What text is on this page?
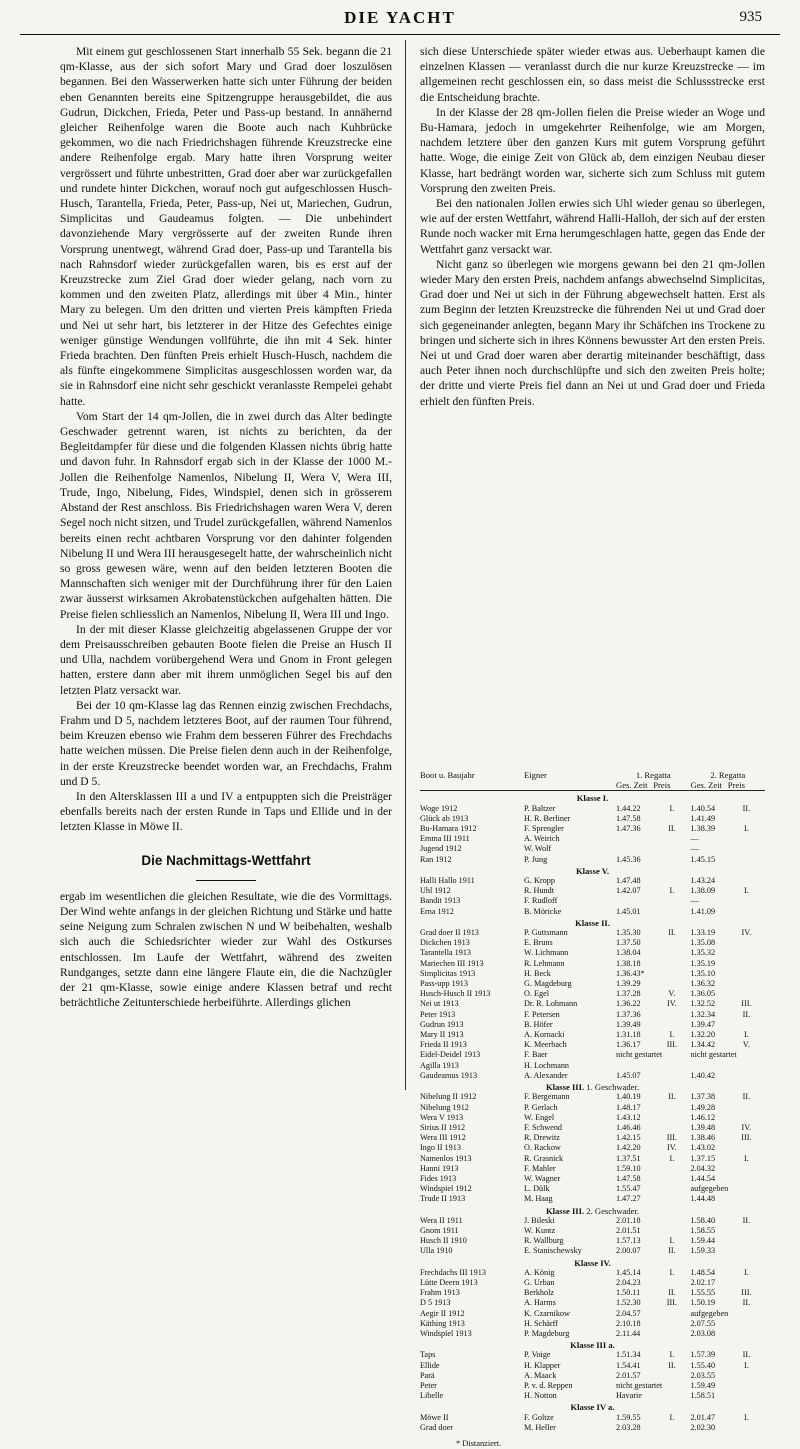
DIE YACHT	935

Mit einem gut geschlossenen Start innerhalb 55 Sek. begann die 21 qm-Klasse, aus der sich sofort Mary und Grad doer loszulösen begannen. Bei den Wasserwerken hatte sich unter Führung der beiden eben Genannten bereits eine Spitzengruppe herausgebildet, die aus Gudrun, Dickchen, Frieda, Peter und Pass-up bestand. In annähernd gleicher Reihenfolge waren die Boote auch nach Kuhbrücke gekommen, wo die nach Friedrichshagen führende Kreuzstrecke eine andere Reihenfolge ergab. Mary hatte ihren Vorsprung weiter vergrössert und führte unbestritten, Grad doer aber war zurückgefallen und rundete hinter Dickchen, worauf noch gut aufgeschlossen Husch-Husch, Tarantella, Frieda, Peter, Pass-up, Nei ut, Mariechen, Gudrun, Simplicitas und Gaudeamus folgten. — Die unbehindert davonziehende Mary vergrösserte auf der zweiten Runde ihren Vorsprung unentwegt, während Grad doer, Pass-up und Tarantella bis nach Rahnsdorf wieder zurückgefallen waren, bis es erst auf der Kreuzstrecke zum Ziel Grad doer wieder gelang, nach vorn zu kommen und den zweiten Platz, allerdings mit über 4 Min., hinter Mary zu belegen. Um den dritten und vierten Preis kämpften Frieda und Nei ut sehr hart, bis letzterer in der Hitze des Gefechtes einige weniger günstige Wendungen vollführte, die ihn mit 4 Sek. hinter Frieda brachten. Den fünften Preis erhielt Husch-Husch, nachdem die als fünfte eingekommene Simplicitas ausgeschlossen worden war, da sie in Rahnsdorf eine nicht sehr geschickt veranlasste Rempelei gehabt hatte.

Vom Start der 14 qm-Jollen, die in zwei durch das Alter bedingte Geschwader getrennt waren, ist nichts zu berichten, da der Begleitdampfer für diese und die folgenden Klassen nichts übrig hatte und davon fuhr. In Rahnsdorf ergab sich in der Klasse der 1000 M.-Jollen die Reihenfolge Namenlos, Nibelung II, Wera V, Wera III, Trude, Ingo, Nibelung, Fides, Windspiel, denen sich in grösserem Abstand der Rest anschloss. Bis Friedrichshagen waren Wera V, deren Segel noch nicht sitzen, und Trudel zurückgefallen, während Namenlos bereits einen recht achtbaren Vorsprung vor den dahinter folgenden Nibelung II und Wera III herausgesegelt hatte, der wahrscheinlich nicht so gross gewesen wäre, wenn auf den beiden letzteren Booten die Mannschaften sich weniger mit der Durchführung ihrer für den Laien zwar äusserst wirksamen Akrobatenstückchen aufgehalten hätten. Die Preise fielen schliesslich an Namenlos, Nibelung II, Wera III und Ingo.

In der mit dieser Klasse gleichzeitig abgelassenen Gruppe der vor dem Preisausschreiben gebauten Boote fielen die Preise an Husch II und Ulla, nachdem vorübergehend Wera und Gnom in Front gelegen hatten, erstere dann aber mit ihrem unmöglichen Segel bis auf den letzten Platz versackt war.

Bei der 10 qm-Klasse lag das Rennen einzig zwischen Frechdachs, Frahm und D 5, nachdem letzteres Boot, auf der raumen Tour führend, beim Kreuzen ebenso wie Frahm dem besseren Führer des Frechdachs hatte weichen müssen. Die Preise fielen denn auch in der Reihenfolge, in der erste Kreuzstrecke beendet worden war, an Frechdachs, Frahm und D 5.

In den Altersklassen III a und IV a entpuppten sich die Preisträger ebenfalls bereits nach der ersten Runde in Taps und Ellide und in der letzten Klasse in Möwe II.

Die Nachmittags-Wettfahrt

ergab im wesentlichen die gleichen Resultate, wie die des Vormittags. Der Wind wehte anfangs in der gleichen Richtung und Stärke und hatte seine Neigung zum Schralen zwischen N und W beibehalten, weshalb sich auch die Schiedsrichter wieder zur Wahl des Ostkurses entschlossen. Im Laufe der Wettfahrt, während des zweiten Rundganges, setzte dann eine längere Flaute ein, die die Nachzügler der 21 qm-Klasse, sowie einige andere Klassen betraf und recht beträchtliche Zeitunterschiede herbeiführte. Allerdings glichen

sich diese Unterschiede später wieder etwas aus. Ueberhaupt kamen die einzelnen Klassen — veranlasst durch die nur kurze Kreuzstrecke — im allgemeinen recht geschlossen ein, so dass meist die Schlussstrecke erst die Entscheidung brachte.

In der Klasse der 28 qm-Jollen fielen die Preise wieder an Woge und Bu-Hamara, jedoch in umgekehrter Reihenfolge, wie am Morgen, nachdem letztere über den ganzen Kurs mit gutem Vorsprung geführt hatte. Woge, die einige Zeit von Glück ab, dem einzigen Neubau dieser Klasse, hart bedrängt worden war, sicherte sich zum Schluss mit gutem Vorsprung den zweiten Preis.

Bei den nationalen Jollen erwies sich Uhl wieder genau so überlegen, wie auf der ersten Wettfahrt, während Halli-Halloh, der sich auf der ersten Runde noch wacker mit Erna herumgeschlagen hatte, gegen das Ende der Wettfahrt ganz versackt war.

Nicht ganz so überlegen wie morgens gewann bei den 21 qm-Jollen wieder Mary den ersten Preis, nachdem anfangs abwechselnd Simplicitas, Grad doer und Nei ut sich in der Führung abgewechselt hatten. Erst als zum Beginn der letzten Kreuzstrecke die führenden Nei ut und Grad doer sich gegeneinander anlegten, begann Mary ihr Schäfchen ins Trockene zu bringen und sicherte sich in ihres Könnens bewusster Art den ersten Preis. Nei ut und Grad doer waren aber derartig miteinander beschäftigt, dass auch Peter ihnen noch durchschlüpfte und sich den zweiten Preis holte; der dritte und vierte Preis fiel dann an Nei ut und Grad doer und Frieda erhielt den fünften Preis.

Boot u. Baujahr	Eigner	1. Regatta		2. Regatta	
		Ges. Zeit	Preis	Ges. Zeit	Preis

Klasse I.					
Woge 1912	P. Baltzer	1.44.22	I.	1.40.54	II.
Glück ab 1913	H. R. Berliner	1.47.58		1.41.49	
Bu-Hamara 1912	F. Sprengler	1.47.36	II.	1.38.39	I.
Emma III 1911	A. Weirich			—	
Jugend 1912	W. Wolf			—	
Ran 1912	P. Jung	1.45.36		1.45.15	
Klasse V.					
Halli Hallo 1911	G. Kropp	1.47.48		1.43.24	
Uhl 1912	R. Hundt	1.42.07	I.	1.38.09	I.
Bandit 1913	F. Rudloff			—	
Erna 1912	B. Möricke	1.45.01		1.41.09	
Klasse II.					
Grad doer II 1913	P. Guttsmann	1.35.30	II.	1.33.19	IV.
Dickchen 1913	E. Bruns	1.37.50		1.35.08	
Tarantella 1913	W. Lichmann	1.38.04		1.35.32	
Mariechen III 1913	R. Lehmann	1.38.18		1.35.19	
Simplicitas 1913	H. Beck	1.36.43*		1.35.10	
Pass-upp 1913	G. Magdeburg	1.39.29		1.36.32	
Husch-Husch II 1913	O. Egel	1.37.28	V.	1.36.05	
Nei ut 1913	Dr. R. Lohmann	1.36.22	IV.	1.32.52	III.
Peter 1913	F. Petersen	1.37.36		1.32.34	II.
Gudrun 1913	B. Höfer	1.39.49		1.39.47	
Mary II 1913	A. Kornacki	1.31.18	I.	1.32.20	I.
Frieda II 1913	K. Meerbach	1.36.17	III.	1.34.42	V.
Eidel-Deidel 1913	F. Baer	nicht gestartet		nicht gestartet	
Agilla 1913	H. Lochmann				
Gaudeamus 1913	A. Alexander	1.45.07		1.40.42	
Klasse III. 1. Geschwader.					
Nibelung II 1912	F. Bergemann	1.40.19	II.	1.37.38	II.
Nibelung 1912	P. Gerlach	1.48.17		1.49.28	
Wera V 1913	W. Engel	1.43.12		1.46.12	
Sirius II 1912	F. Schwend	1.46.46		1.39.48	IV.
Wera III 1912	R. Drewitz	1.42.15	III.	1.38.46	III.
Ingo II 1913	O. Rackow	1.42.20	IV.	1.43.02	
Namenlos 1913	R. Grasnick	1.37.51	I.	1.37.15	I.
Hanni 1913	F. Mahler	1.59.10		2.04.32	
Fides 1913	W. Wagner	1.47.58		1.44.54	
Windspiel 1912	L. Dülk	1.55.47		aufgegeben	
Trude II 1913	M. Haag	1.47.27		1.44.48	
Klasse III. 2. Geschwader.					
Wera II 1911	J. Bileski	2.01.18		1.58.40	II.
Gnom 1911	W. Kuntz	2.01.51		1.58.55	
Husch II 1910	R. Wallburg	1.57.13	I.	1.59.44	
Ulla 1910	E. Stanischewsky	2.00.07	II.	1.59.33	
Klasse IV.					
Frechdachs III 1913	A. König	1.45.14	I.	1.48.54	I.
Lütte Deern 1913	G. Urban	2.04.23		2.02.17	
Frahm 1913	Berkholz	1.50.11	II.	1.55.55	III.
D 5 1913	A. Harms	1.52.30	III.	1.50.19	II.
Aegir II 1912	K. Czarnikow	2.04.57		aufgegeben	
Käthing 1913	H. Schärff	2.10.18		2.07.55	
Windspiel 1913	P. Magdeburg	2.11.44		2.03.08	
Klasse III a.					
Taps	P. Voige	1.51.34	I.	1.57.39	II.
Ellide	H. Klapper	1.54.41	II.	1.55.40	I.
Parä	A. Maack	2.01.57		2.03.55	
Peter	P. v. d. Reppen	nicht gestartet		1.59.49	
Libelle	H. Notton	Havarie		1.58.51	
Klasse IV a.					
Möwe II	F. Goltze	1.59.55	I.	2.01.47	I.
Grad doer	M. Heller	2.03.28		2.02.30	
* Distanziert.
